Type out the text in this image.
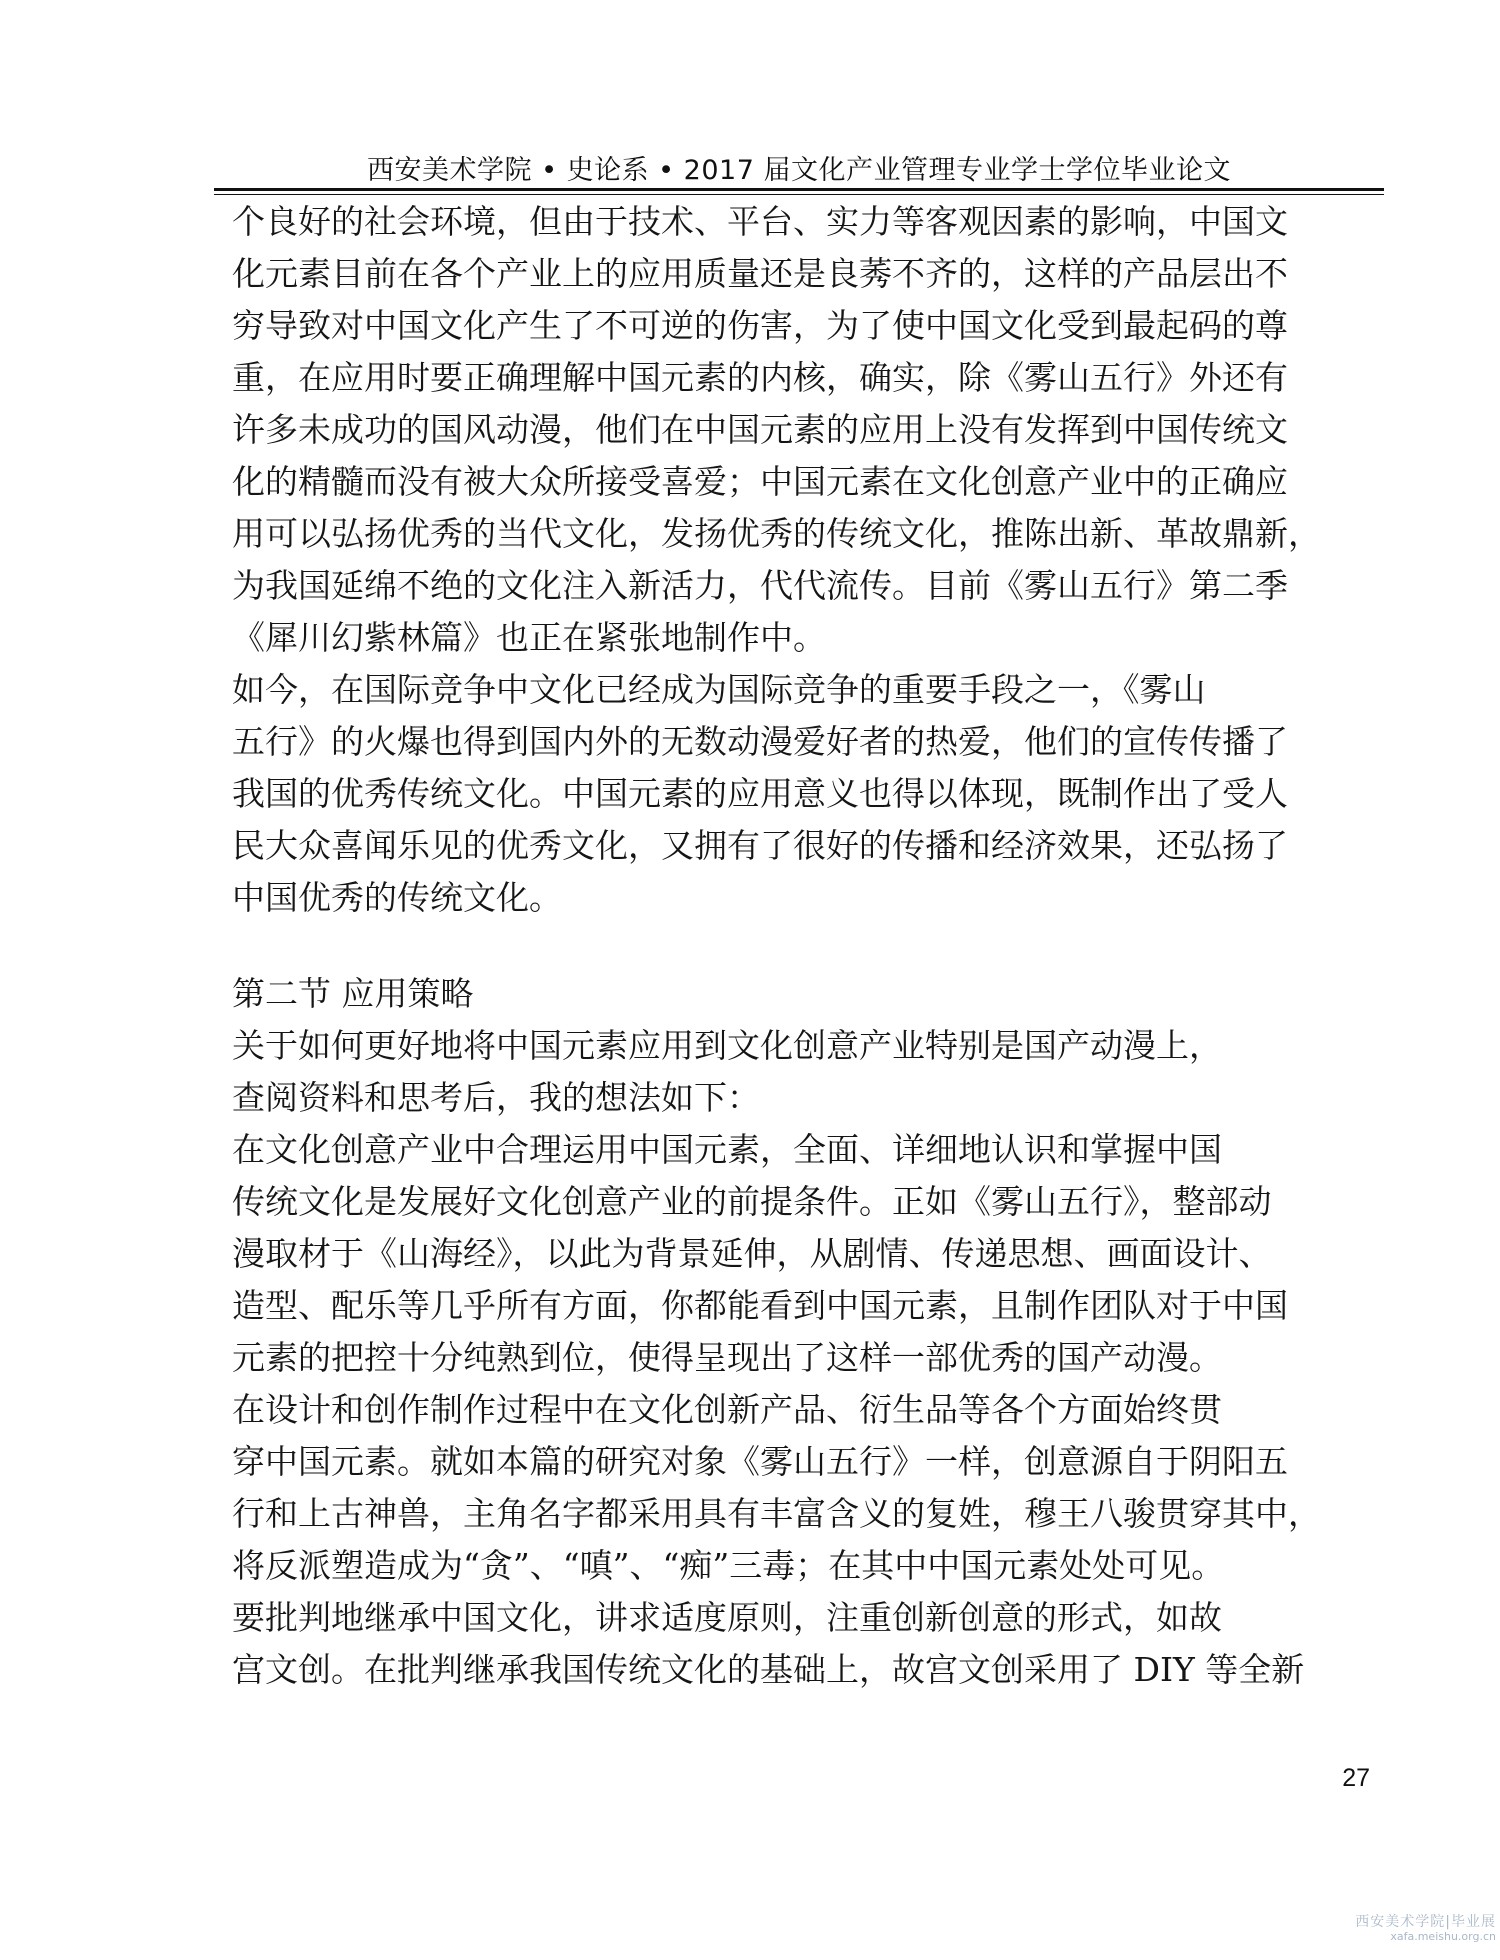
西安美术学院 • 史论系 • 2017 届文化产业管理专业学士学位毕业论文
个良好的社会环境，但由于技术、平台、实力等客观因素的影响，中国文
化元素目前在各个产业上的应用质量还是良莠不齐的，这样的产品层出不
穷导致对中国文化产生了不可逆的伤害，为了使中国文化受到最起码的尊
重，在应用时要正确理解中国元素的内核，确实，除《雾山五行》外还有
许多未成功的国风动漫，他们在中国元素的应用上没有发挥到中国传统文
化的精髓而没有被大众所接受喜爱；中国元素在文化创意产业中的正确应
用可以弘扬优秀的当代文化，发扬优秀的传统文化，推陈出新、革故鼎新，
为我国延绵不绝的文化注入新活力，代代流传。目前《雾山五行》第二季
《犀川幻紫林篇》也正在紧张地制作中。
如今，在国际竞争中文化已经成为国际竞争的重要手段之一，《雾山
五行》的火爆也得到国内外的无数动漫爱好者的热爱，他们的宣传传播了
我国的优秀传统文化。中国元素的应用意义也得以体现，既制作出了受人
民大众喜闻乐见的优秀文化，又拥有了很好的传播和经济效果，还弘扬了
中国优秀的传统文化。
第二节 应用策略
关于如何更好地将中国元素应用到文化创意产业特别是国产动漫上，
查阅资料和思考后，我的想法如下：
在文化创意产业中合理运用中国元素，全面、详细地认识和掌握中国
传统文化是发展好文化创意产业的前提条件。正如《雾山五行》，整部动
漫取材于《山海经》，以此为背景延伸，从剧情、传递思想、画面设计、
造型、配乐等几乎所有方面，你都能看到中国元素，且制作团队对于中国
元素的把控十分纯熟到位，使得呈现出了这样一部优秀的国产动漫。
在设计和创作制作过程中在文化创新产品、衍生品等各个方面始终贯
穿中国元素。就如本篇的研究对象《雾山五行》一样，创意源自于阴阳五
行和上古神兽，主角名字都采用具有丰富含义的复姓，穆王八骏贯穿其中，
将反派塑造成为“贪”、“嗔”、“痴”三毒；在其中中国元素处处可见。
要批判地继承中国文化，讲求适度原则，注重创新创意的形式，如故
宫文创。在批判继承我国传统文化的基础上，故宫文创采用了 DIY 等全新
27
西安美术学院|毕业展
xafa.meishu.org.cn
